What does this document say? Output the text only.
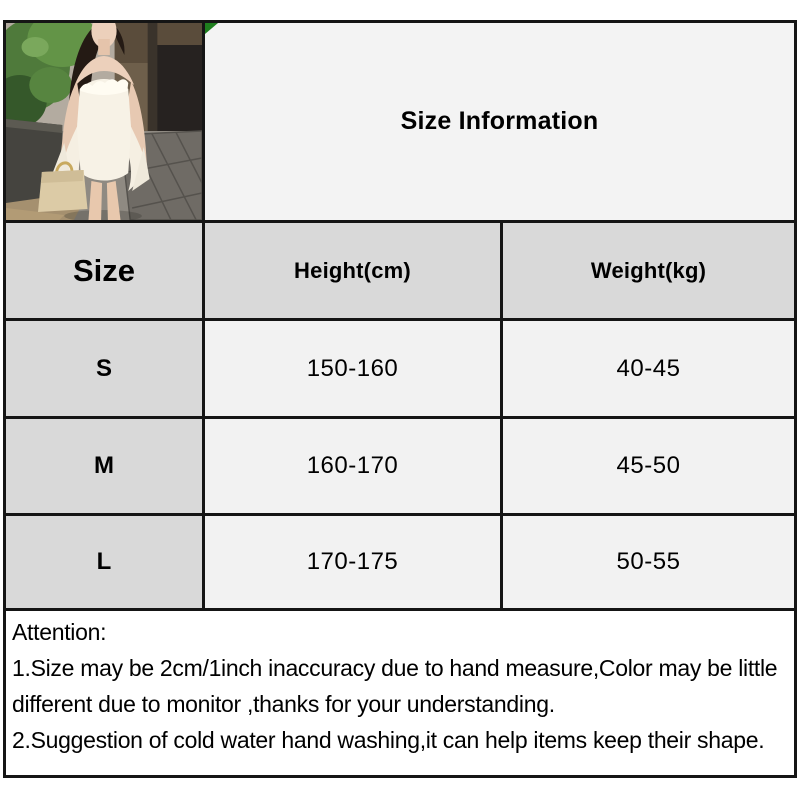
Size Information
Size	Height(cm)	Weight(kg)
S	150-160	40-45
M	160-170	45-50
L	170-175	50-55
Attention:
1.Size may be 2cm/1inch inaccuracy due to hand measure,Color may be little
different due to monitor ,thanks for your understanding.
2.Suggestion of cold water hand washing,it can help items keep their shape.
